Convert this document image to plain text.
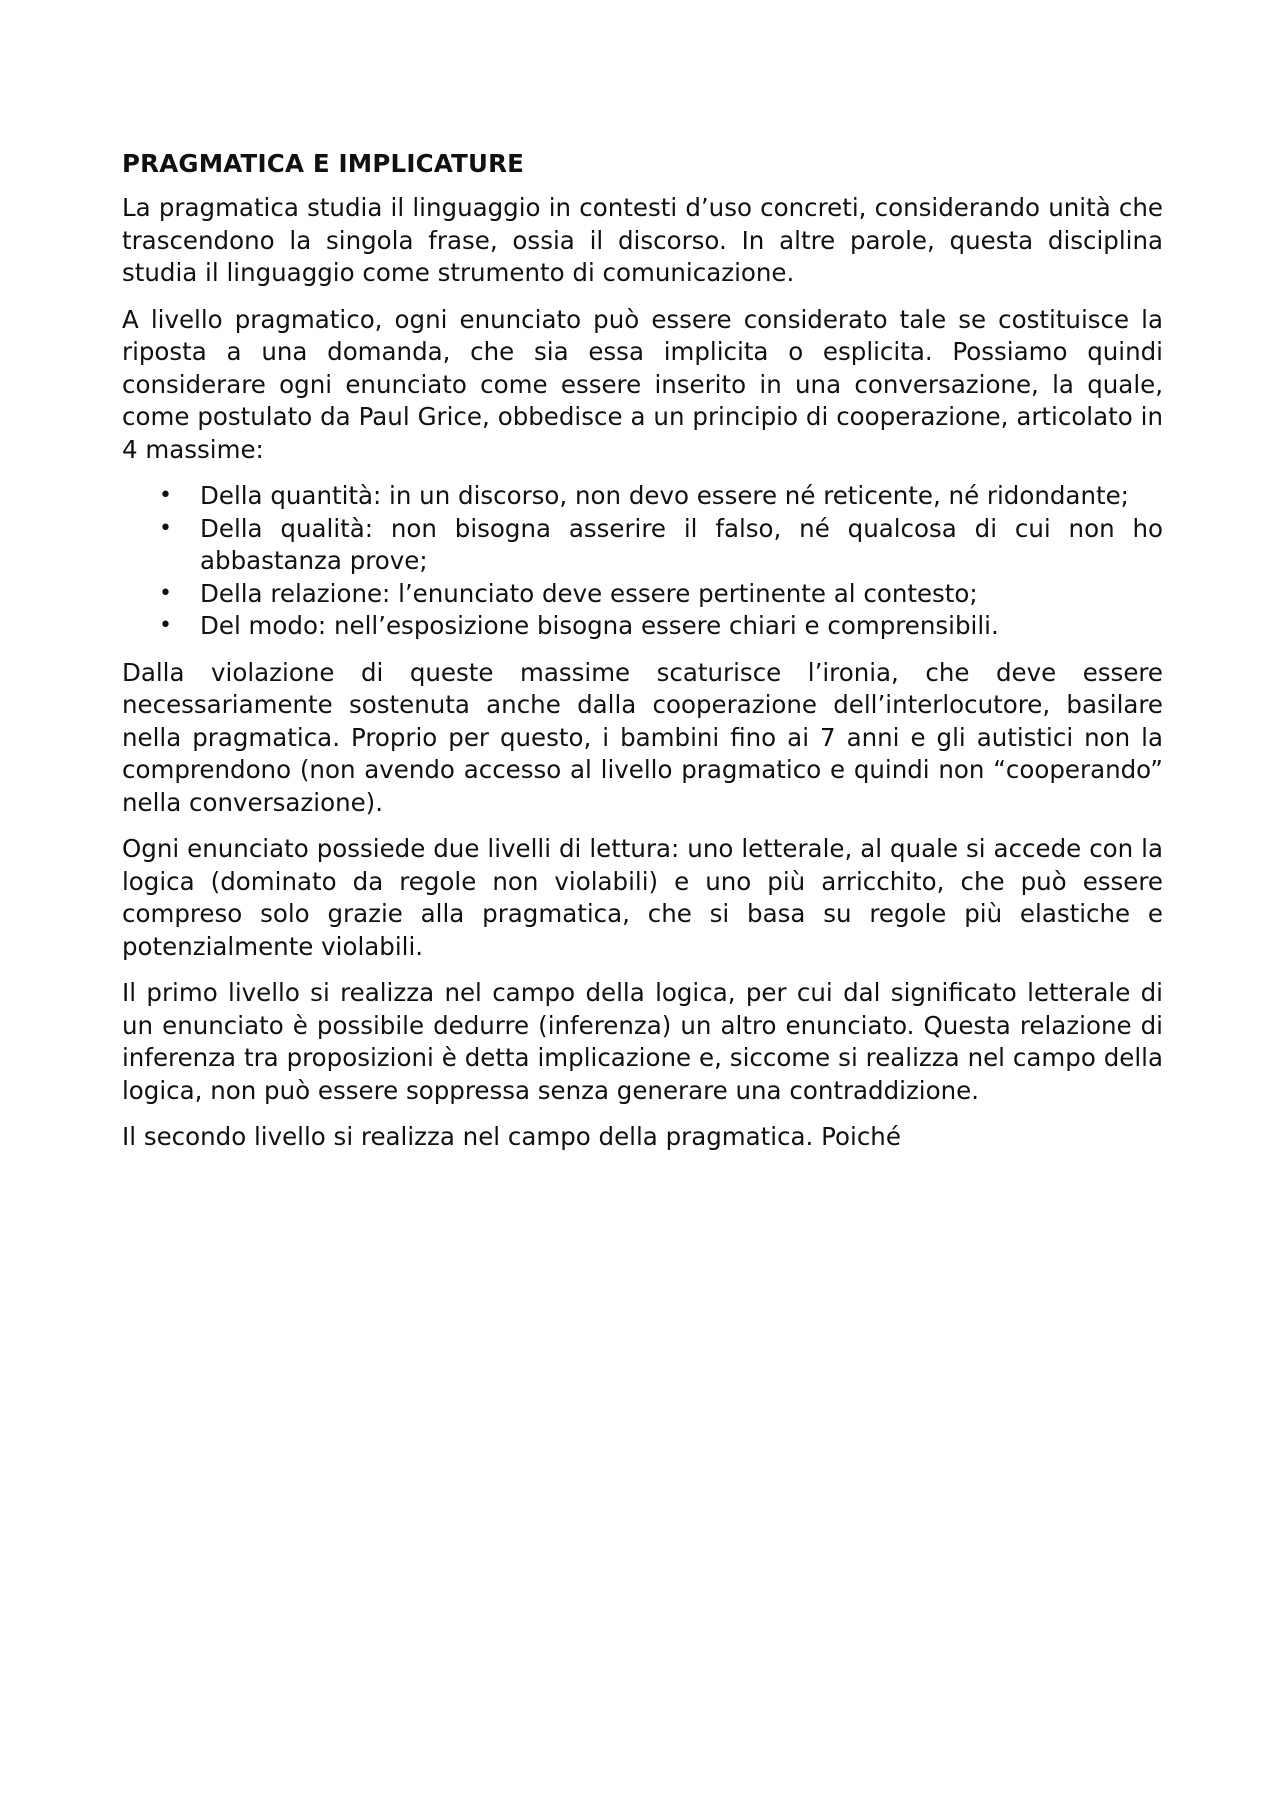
PRAGMATICA E IMPLICATURE

La pragmatica studia il linguaggio in contesti d’uso concreti, considerando unità che trascendono la singola frase, ossia il discorso. In altre parole, questa disciplina studia il linguaggio come strumento di comunicazione.

A livello pragmatico, ogni enunciato può essere considerato tale se costituisce la riposta a una domanda, che sia essa implicita o esplicita. Possiamo quindi considerare ogni enunciato come essere inserito in una conversazione, la quale, come postulato da Paul Grice, obbedisce a un principio di cooperazione, articolato in 4 massime:

• Della quantità: in un discorso, non devo essere né reticente, né ridondante;
• Della qualità: non bisogna asserire il falso, né qualcosa di cui non ho abbastanza prove;
• Della relazione: l’enunciato deve essere pertinente al contesto;
• Del modo: nell’esposizione bisogna essere chiari e comprensibili.

Dalla violazione di queste massime scaturisce l’ironia, che deve essere necessariamente sostenuta anche dalla cooperazione dell’interlocutore, basilare nella pragmatica. Proprio per questo, i bambini fino ai 7 anni e gli autistici non la comprendono (non avendo accesso al livello pragmatico e quindi non “cooperando” nella conversazione).

Ogni enunciato possiede due livelli di lettura: uno letterale, al quale si accede con la logica (dominato da regole non violabili) e uno più arricchito, che può essere compreso solo grazie alla pragmatica, che si basa su regole più elastiche e potenzialmente violabili.

Il primo livello si realizza nel campo della logica, per cui dal significato letterale di un enunciato è possibile dedurre (inferenza) un altro enunciato. Questa relazione di inferenza tra proposizioni è detta implicazione e, siccome si realizza nel campo della logica, non può essere soppressa senza generare una contraddizione.

Il secondo livello si realizza nel campo della pragmatica. Poiché
